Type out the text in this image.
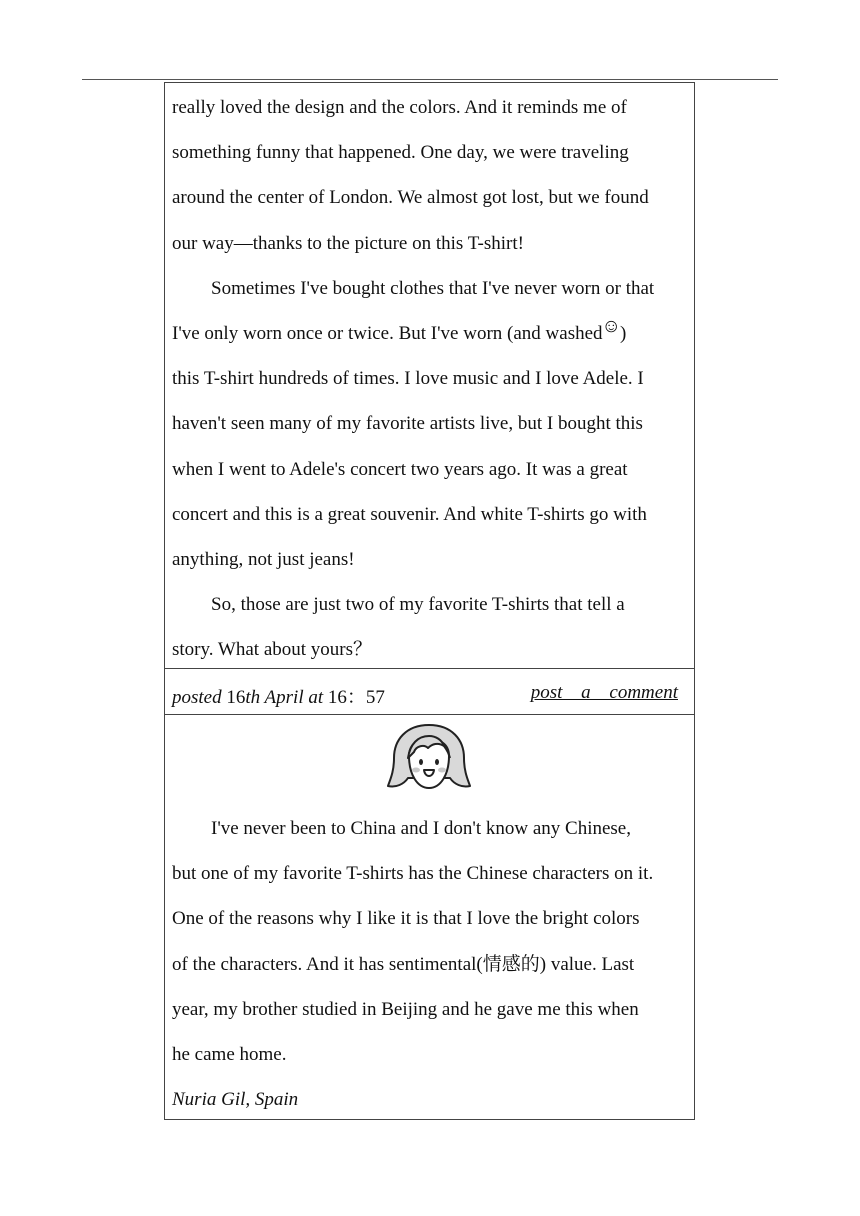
really loved the design and the colors. And it reminds me of
something funny that happened. One day, we were traveling
around the center of London. We almost got lost, but we found
our way—thanks to the picture on this T-shirt!
Sometimes I've bought clothes that I've never worn or that
I've only worn once or twice. But I've worn (and washed☺)
this T-shirt hundreds of times. I love music and I love Adele. I
haven't seen many of my favorite artists live, but I bought this
when I went to Adele's concert two years ago. It was a great
concert and this is a great souvenir. And white T-shirts go with
anything, not just jeans!
So, those are just two of my favorite T-shirts that tell a
story. What about yours？
posted 16th April at 16：57	post a comment
I've never been to China and I don't know any Chinese,
but one of my favorite T-shirts has the Chinese characters on it.
One of the reasons why I like it is that I love the bright colors
of the characters. And it has sentimental(情感的) value. Last
year, my brother studied in Beijing and he gave me this when
he came home.

Nuria Gil, Spain
